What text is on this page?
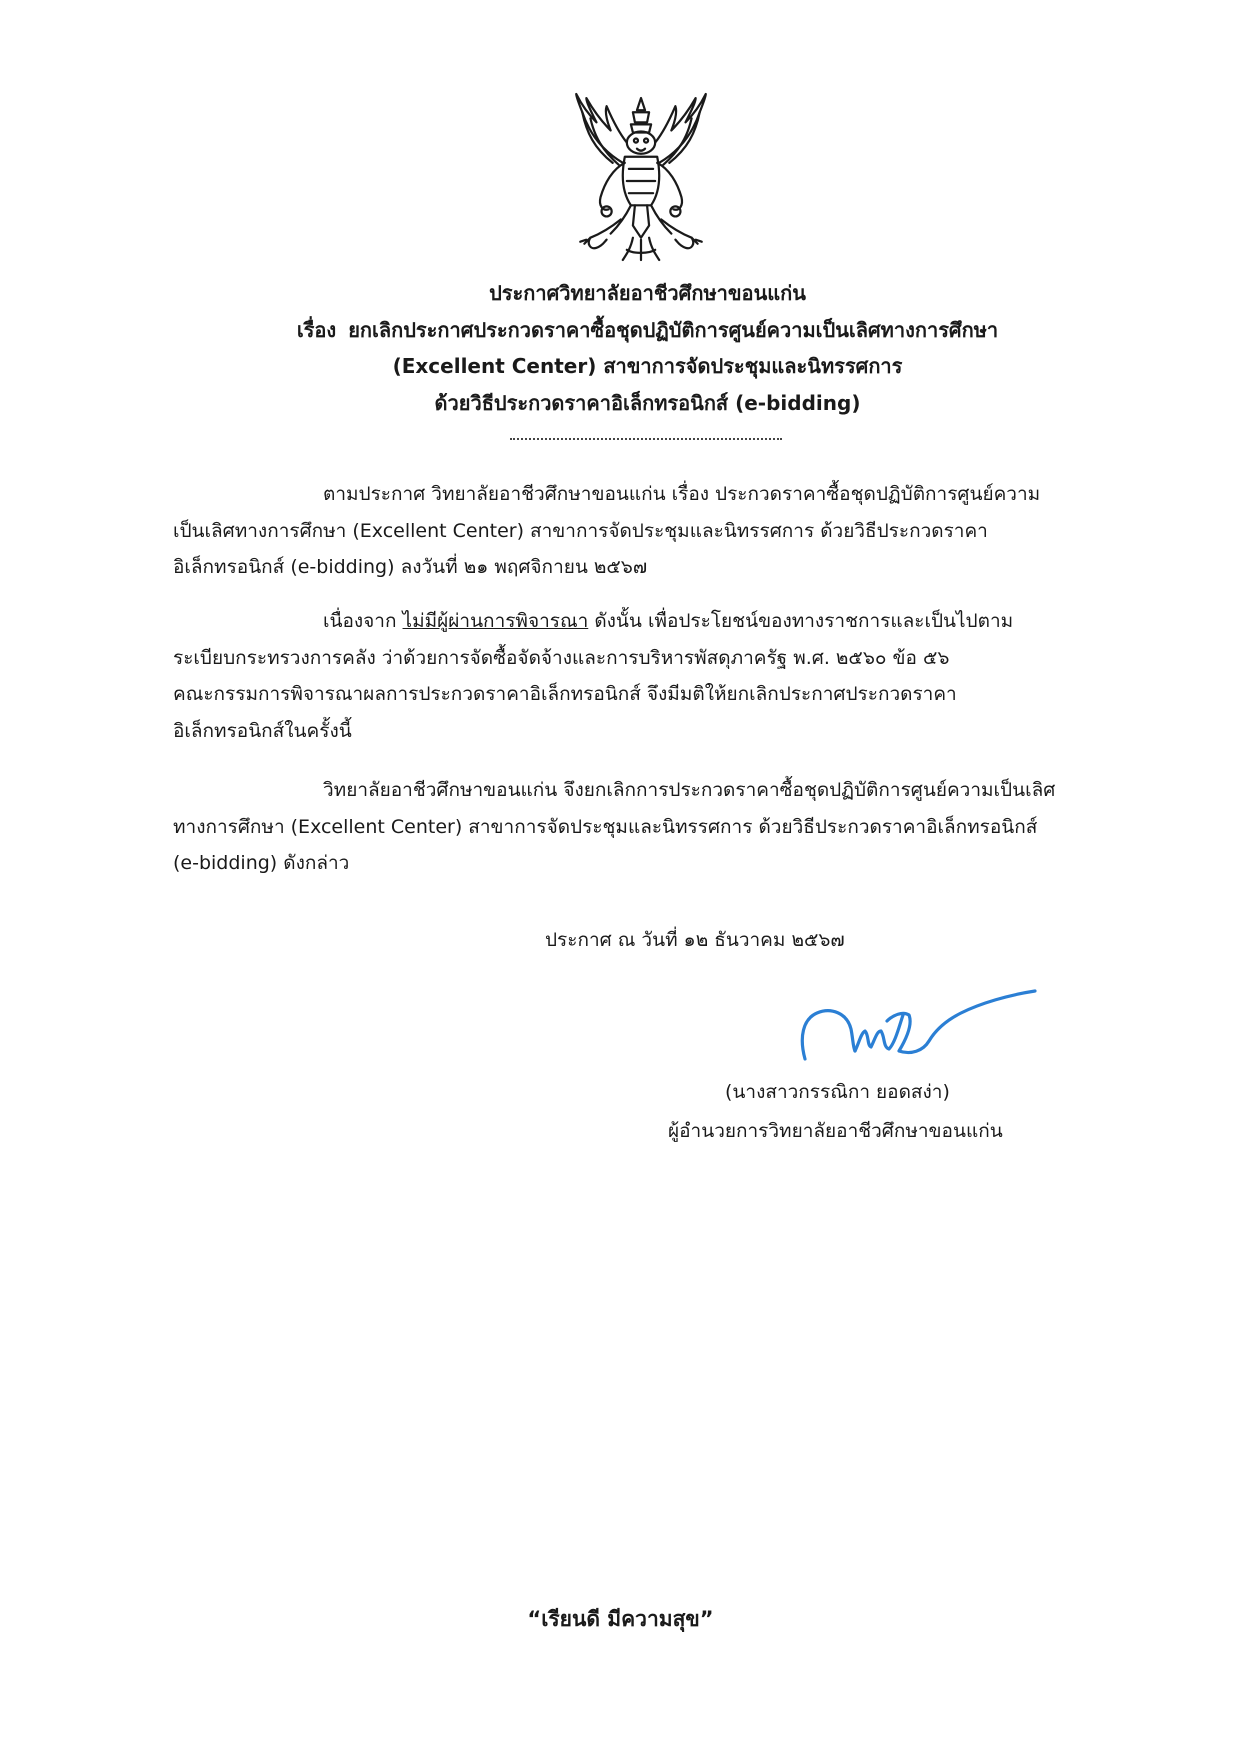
ประกาศวิทยาลัยอาชีวศึกษาขอนแก่น
เรื่อง ยกเลิกประกาศประกวดราคาซื้อชุดปฏิบัติการศูนย์ความเป็นเลิศทางการศึกษา
(Excellent Center) สาขาการจัดประชุมและนิทรรศการ
ด้วยวิธีประกวดราคาอิเล็กทรอนิกส์ (e-bidding)

ตามประกาศ วิทยาลัยอาชีวศึกษาขอนแก่น เรื่อง ประกวดราคาซื้อชุดปฏิบัติการศูนย์ความ

เป็นเลิศทางการศึกษา (Excellent Center) สาขาการจัดประชุมและนิทรรศการ ด้วยวิธีประกวดราคา

อิเล็กทรอนิกส์ (e-bidding) ลงวันที่ ๒๑ พฤศจิกายน ๒๕๖๗

เนื่องจาก ไม่มีผู้ผ่านการพิจารณา ดังนั้น เพื่อประโยชน์ของทางราชการและเป็นไปตาม

ระเบียบกระทรวงการคลัง ว่าด้วยการจัดซื้อจัดจ้างและการบริหารพัสดุภาครัฐ พ.ศ. ๒๕๖๐ ข้อ ๕๖

คณะกรรมการพิจารณาผลการประกวดราคาอิเล็กทรอนิกส์ จึงมีมติให้ยกเลิกประกาศประกวดราคา

อิเล็กทรอนิกส์ในครั้งนี้

วิทยาลัยอาชีวศึกษาขอนแก่น จึงยกเลิกการประกวดราคาซื้อชุดปฏิบัติการศูนย์ความเป็นเลิศ

ทางการศึกษา (Excellent Center) สาขาการจัดประชุมและนิทรรศการ ด้วยวิธีประกวดราคาอิเล็กทรอนิกส์

(e-bidding) ดังกล่าว

ประกาศ ณ วันที่ ๑๒ ธันวาคม ๒๕๖๗
(นางสาวกรรณิกา ยอดสง่า)
ผู้อำนวยการวิทยาลัยอาชีวศึกษาขอนแก่น
“เรียนดี มีความสุข”
